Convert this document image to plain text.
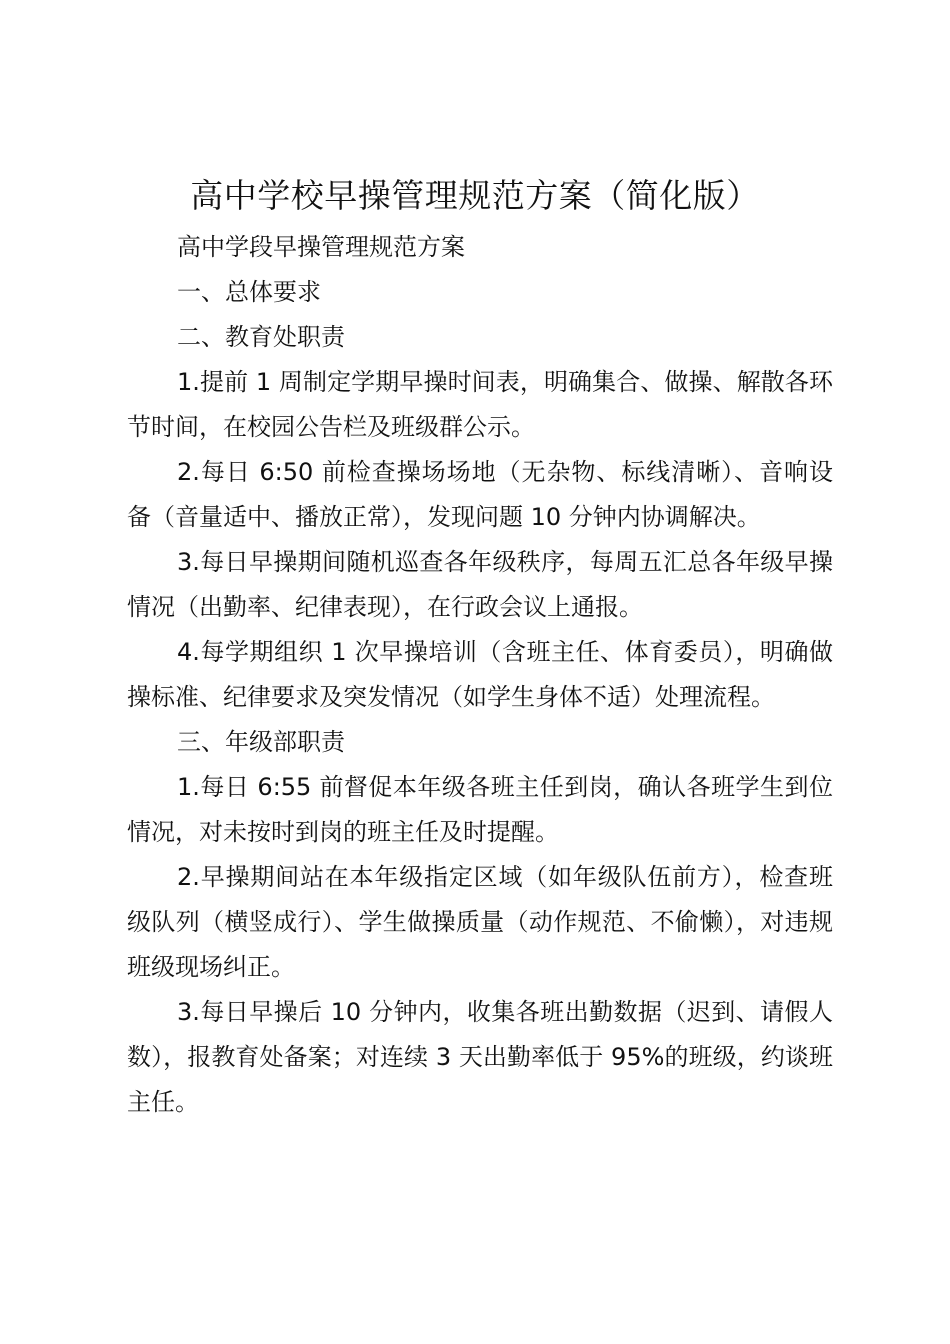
高中学校早操管理规范方案（简化版）

高中学段早操管理规范方案

一、总体要求

二、教育处职责

1.提前 1 周制定学期早操时间表，明确集合、做操、解散各环节时间，在校园公告栏及班级群公示。

2.每日 6:50 前检查操场场地（无杂物、标线清晰）、音响设备（音量适中、播放正常），发现问题 10 分钟内协调解决。

3.每日早操期间随机巡查各年级秩序，每周五汇总各年级早操情况（出勤率、纪律表现），在行政会议上通报。

4.每学期组织 1 次早操培训（含班主任、体育委员），明确做操标准、纪律要求及突发情况（如学生身体不适）处理流程。

三、年级部职责

1.每日 6:55 前督促本年级各班主任到岗，确认各班学生到位情况，对未按时到岗的班主任及时提醒。

2.早操期间站在本年级指定区域（如年级队伍前方），检查班级队列（横竖成行）、学生做操质量（动作规范、不偷懒），对违规班级现场纠正。

3.每日早操后 10 分钟内，收集各班出勤数据（迟到、请假人数），报教育处备案；对连续 3 天出勤率低于 95%的班级，约谈班主任。
